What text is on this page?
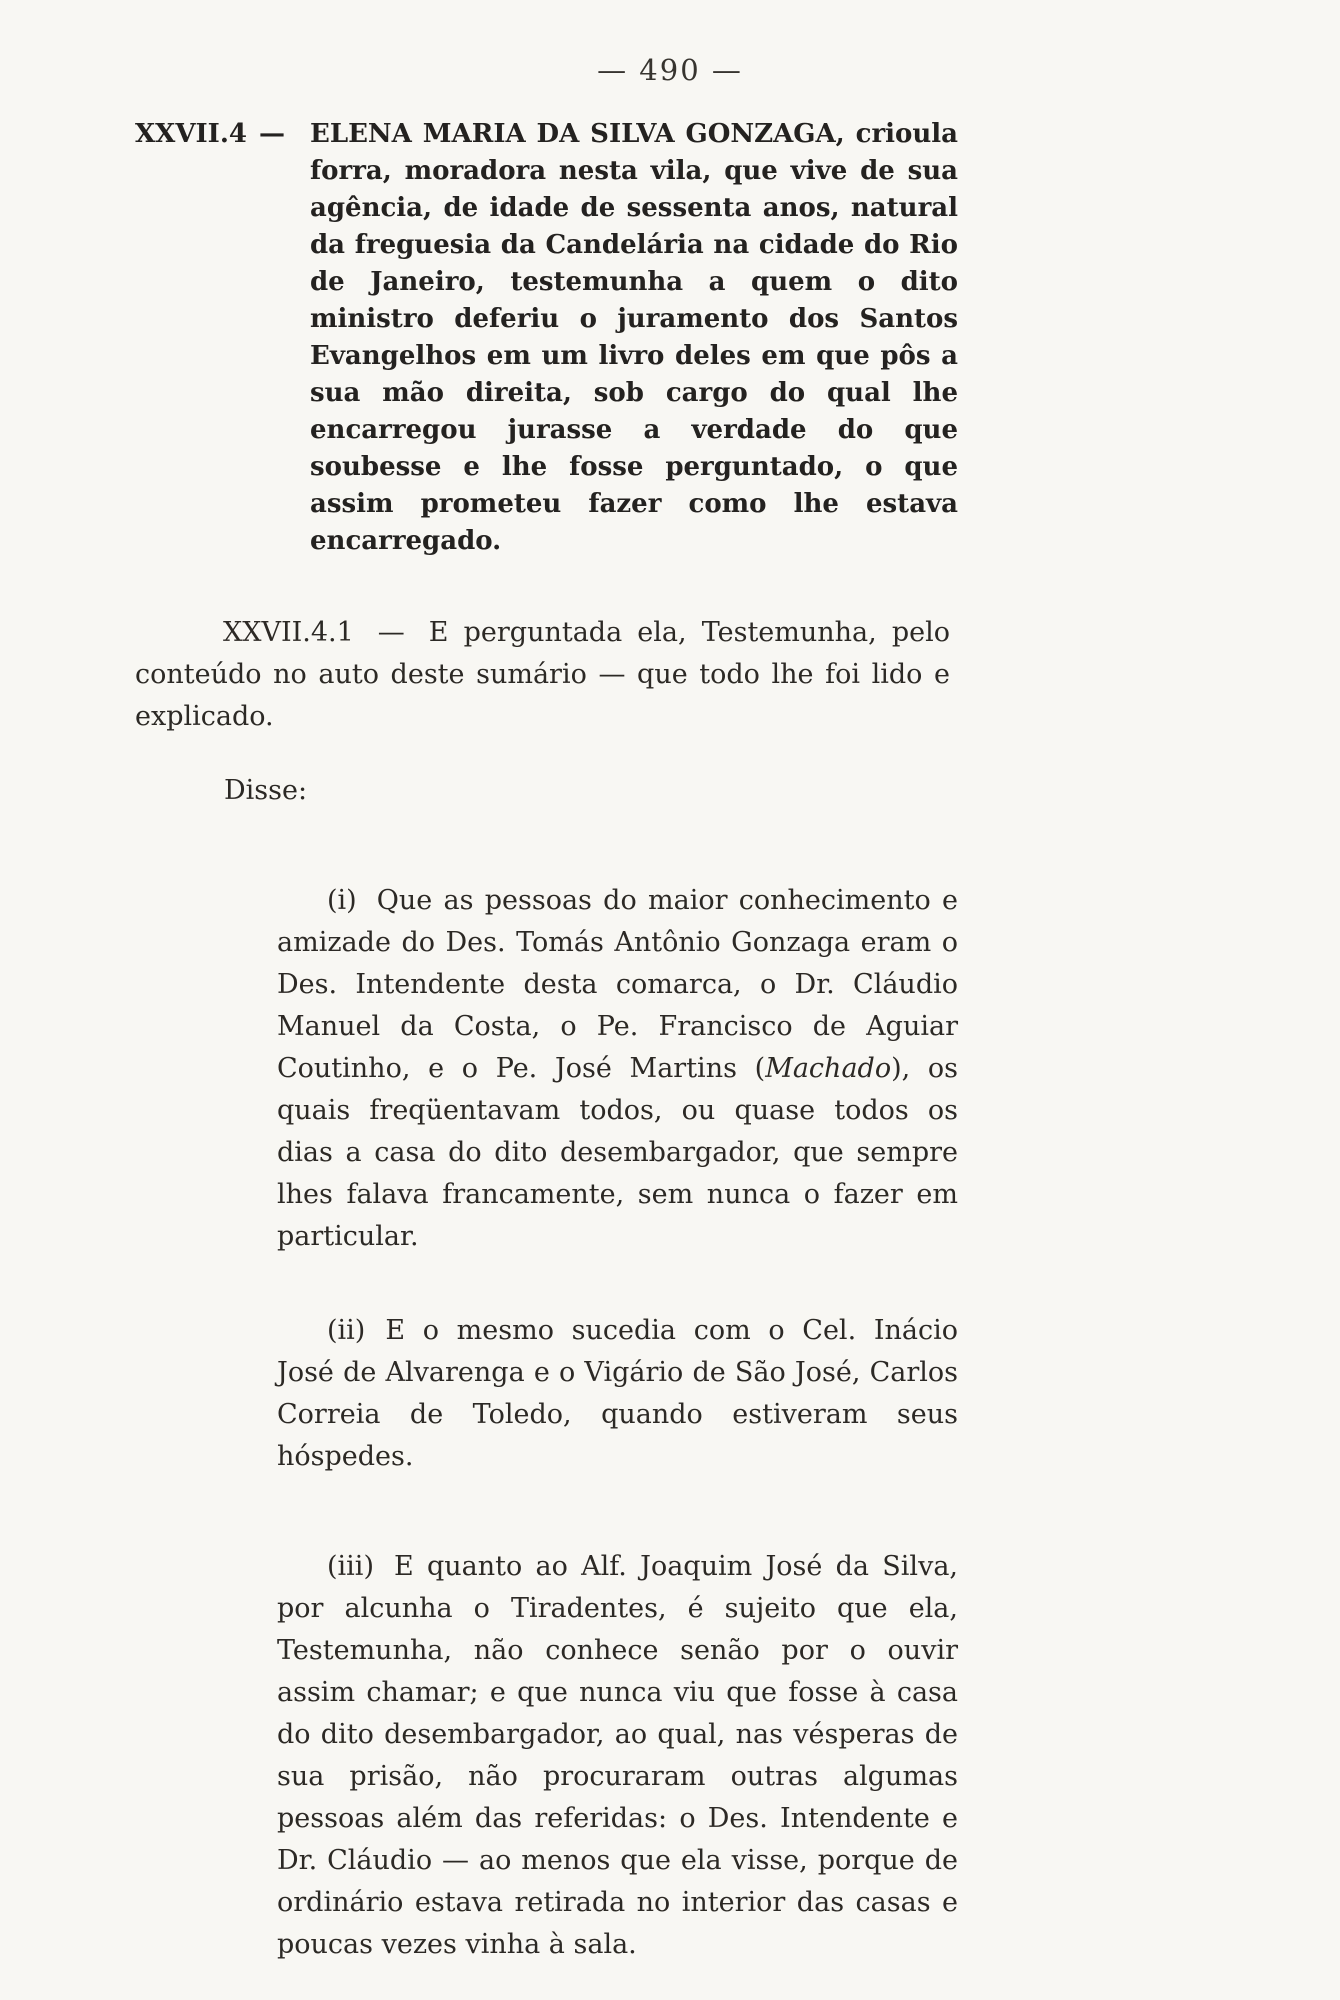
— 490 —
XXVII.4 — ELENA MARIA DA SILVA GONZAGA, crioula forra, moradora nesta vila, que vive de sua agência, de idade de sessenta anos, natural da freguesia da Candelária na cidade do Rio de Janeiro, testemunha a quem o dito ministro deferiu o juramento dos Santos Evangelhos em um livro deles em que pôs a sua mão direita, sob cargo do qual lhe encarregou jurasse a verdade do que soubesse e lhe fosse perguntado, o que assim prometeu fazer como lhe estava encarregado.

XXVII.4.1 — E perguntada ela, Testemunha, pelo conteúdo no auto deste sumário — que todo lhe foi lido e explicado.

Disse:

(i) Que as pessoas do maior conhecimento e amizade do Des. Tomás Antônio Gonzaga eram o Des. Intendente desta comarca, o Dr. Cláudio Manuel da Costa, o Pe. Francisco de Aguiar Coutinho, e o Pe. José Martins (Machado), os quais freqüentavam todos, ou quase todos os dias a casa do dito desembargador, que sempre lhes falava francamente, sem nunca o fazer em particular.

(ii) E o mesmo sucedia com o Cel. Inácio José de Alvarenga e o Vigário de São José, Carlos Correia de Toledo, quando estiveram seus hóspedes.

(iii) E quanto ao Alf. Joaquim José da Silva, por alcunha o Tiradentes, é sujeito que ela, Testemunha, não conhece senão por o ouvir assim chamar; e que nunca viu que fosse à casa do dito desembargador, ao qual, nas vésperas de sua prisão, não procuraram outras algumas pessoas além das referidas: o Des. Intendente e Dr. Cláudio — ao menos que ela visse, porque de ordinário estava retirada no interior das casas e poucas vezes vinha à sala.
